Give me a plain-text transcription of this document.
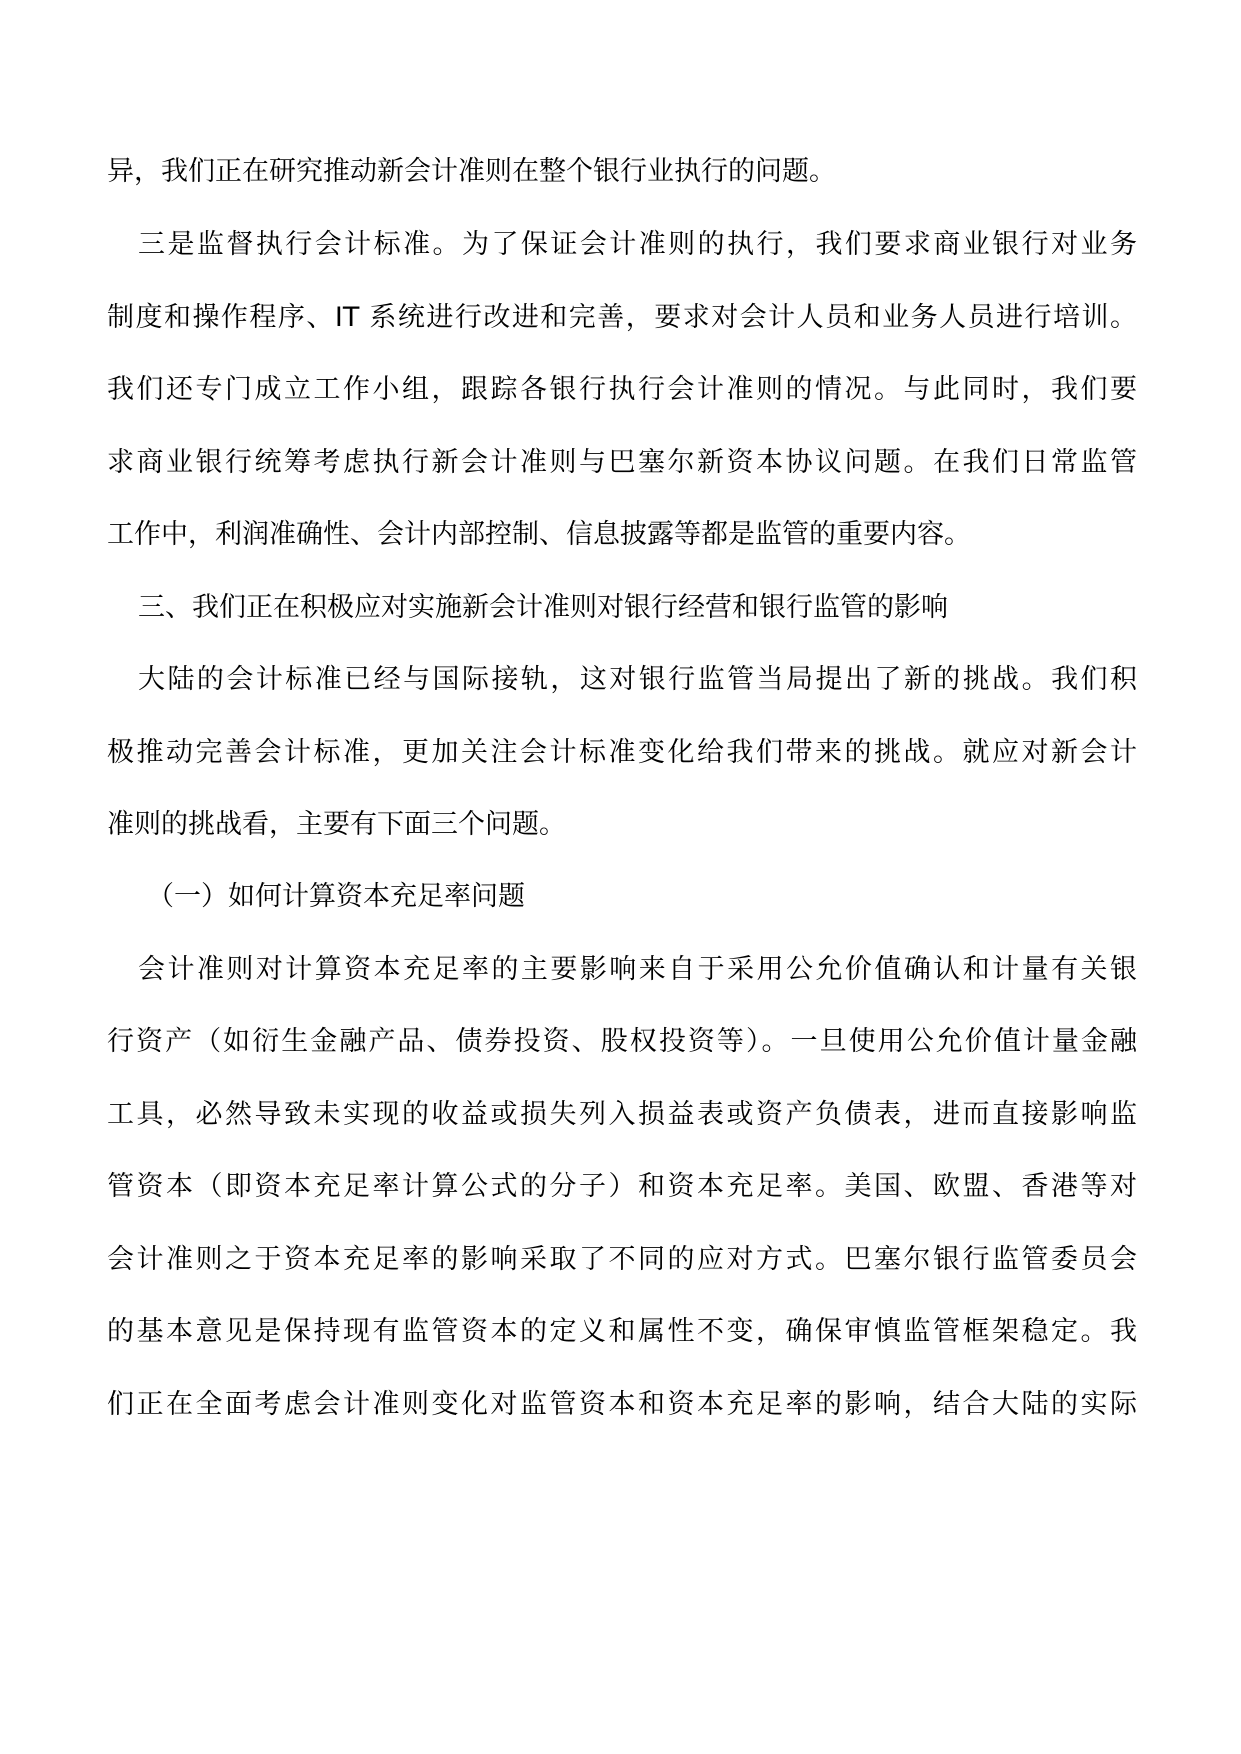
异，我们正在研究推动新会计准则在整个银行业执行的问题。
三是监督执行会计标准。为了保证会计准则的执行，我们要求商业银行对业务
制度和操作程序、IT 系统进行改进和完善，要求对会计人员和业务人员进行培训。
我们还专门成立工作小组，跟踪各银行执行会计准则的情况。与此同时，我们要
求商业银行统筹考虑执行新会计准则与巴塞尔新资本协议问题。在我们日常监管
工作中，利润准确性、会计内部控制、信息披露等都是监管的重要内容。
三、我们正在积极应对实施新会计准则对银行经营和银行监管的影响
大陆的会计标准已经与国际接轨，这对银行监管当局提出了新的挑战。我们积
极推动完善会计标准，更加关注会计标准变化给我们带来的挑战。就应对新会计
准则的挑战看，主要有下面三个问题。
（一）如何计算资本充足率问题
会计准则对计算资本充足率的主要影响来自于采用公允价值确认和计量有关银
行资产（如衍生金融产品、债券投资、股权投资等）。一旦使用公允价值计量金融
工具，必然导致未实现的收益或损失列入损益表或资产负债表，进而直接影响监
管资本（即资本充足率计算公式的分子）和资本充足率。美国、欧盟、香港等对
会计准则之于资本充足率的影响采取了不同的应对方式。巴塞尔银行监管委员会
的基本意见是保持现有监管资本的定义和属性不变，确保审慎监管框架稳定。我
们正在全面考虑会计准则变化对监管资本和资本充足率的影响，结合大陆的实际
